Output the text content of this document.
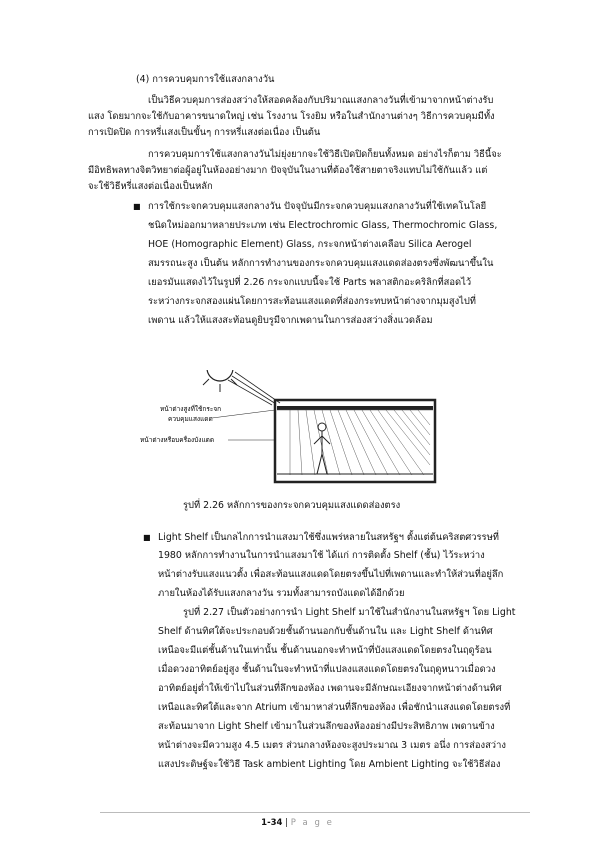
(4) การควบคุมการใช้แสงกลางวัน
เป็นวิธีควบคุมการส่องสว่างให้สอดคล้องกับปริมาณแสงกลางวันที่เข้ามาจากหน้าต่างรับ
แสง โดยมากจะใช้กับอาคารขนาดใหญ่ เช่น โรงงาน โรงยิม หรือในสำนักงานต่างๆ วิธีการควบคุมมีทั้ง
การเปิดปิด การหรี่แสงเป็นขั้นๆ การหรี่แสงต่อเนื่อง เป็นต้น
การควบคุมการใช้แสงกลางวันไม่ยุ่งยากจะใช้วิธีเปิดปิดก็ยนทั้งหมด อย่างไรก็ตาม วิธีนี้จะ
มีอิทธิพลทางจิตวิทยาต่อผู้อยู่ในห้องอย่างมาก ปัจจุบันในงานที่ต้องใช้สายตาจริงแทบไม่ใช้กันแล้ว แต่
จะใช้วิธีหรี่แสงต่อเนื่องเป็นหลัก
■ การใช้กระจกควบคุมแสงกลางวัน ปัจจุบันมีกระจกควบคุมแสงกลางวันที่ใช้เทคโนโลยี
ชนิดใหม่ออกมาหลายประเภท เช่น Electrochromic Glass, Thermochromic Glass,
HOE (Homographic Element) Glass, กระจกหน้าต่างเคลือบ Silica Aerogel
สมรรถนะสูง เป็นต้น หลักการทำงานของกระจกควบคุมแสงแดดส่องตรงซึ่งพัฒนาขึ้นใน
เยอรมันแสดงไว้ในรูปที่ 2.26 กระจกแบบนี้จะใช้ Parts พลาสติกอะคริลิกที่สอดไว้
ระหว่างกระจกสองแผ่นโดยการสะท้อนแสงแดดที่ส่องกระทบหน้าต่างจากมุมสูงไปที่
เพดาน แล้วให้แสงสะท้อนดูยิบรูมีจากเพดานในการส่องสว่างสิ่งแวดล้อม
หน้าต่างสูงที่ใช้กระจก
ควบคุมแสงแดด
หน้าต่างหรือบครื่องบังแดด
รูปที่ 2.26 หลักการของกระจกควบคุมแสงแดดส่องตรง
■ Light Shelf เป็นกลไกการนำแสงมาใช้ซึ่งแพร่หลายในสหรัฐฯ ตั้งแต่ต้นคริสตศวรรษที่
1980 หลักการทำงานในการนำแสงมาใช้ ได้แก่ การติดตั้ง Shelf (ชั้น) ไว้ระหว่าง
หน้าต่างรับแสงแนวตั้ง เพื่อสะท้อนแสงแดดโดยตรงขึ้นไปที่เพดานและทำให้ส่วนที่อยู่ลึก
ภายในห้องได้รับแสงกลางวัน รวมทั้งสามารถบังแดดได้อีกด้วย
รูปที่ 2.27 เป็นตัวอย่างการนำ Light Shelf มาใช้ในสำนักงานในสหรัฐฯ โดย Light
Shelf ด้านทิศใต้จะประกอบด้วยชั้นด้านนอกกับชั้นด้านใน และ Light Shelf ด้านทิศ
เหนือจะมีแต่ชั้นด้านในเท่านั้น ชั้นด้านนอกจะทำหน้าที่บังแสงแดดโดยตรงในฤดูร้อน
เมื่อดวงอาทิตย์อยู่สูง ชั้นด้านในจะทำหน้าที่แปลงแสงแดดโดยตรงในฤดูหนาวเมื่อดวง
อาทิตย์อยู่ต่ำให้เข้าไปในส่วนที่ลึกของห้อง เพดานจะมีลักษณะเอียงจากหน้าต่างด้านทิศ
เหนือและทิศใต้และจาก Atrium เข้ามาหาส่วนที่ลึกของห้อง เพื่อชักนำแสงแดดโดยตรงที่
สะท้อนมาจาก Light Shelf เข้ามาในส่วนลึกของห้องอย่างมีประสิทธิภาพ เพดานข้าง
หน้าต่างจะมีความสูง 4.5 เมตร ส่วนกลางห้องจะสูงประมาณ 3 เมตร อนึ่ง การส่องสว่าง
แสงประดิษฐ์จะใช้วิธี Task ambient Lighting โดย Ambient Lighting จะใช้วิธีส่อง
1-34 | P a g e
